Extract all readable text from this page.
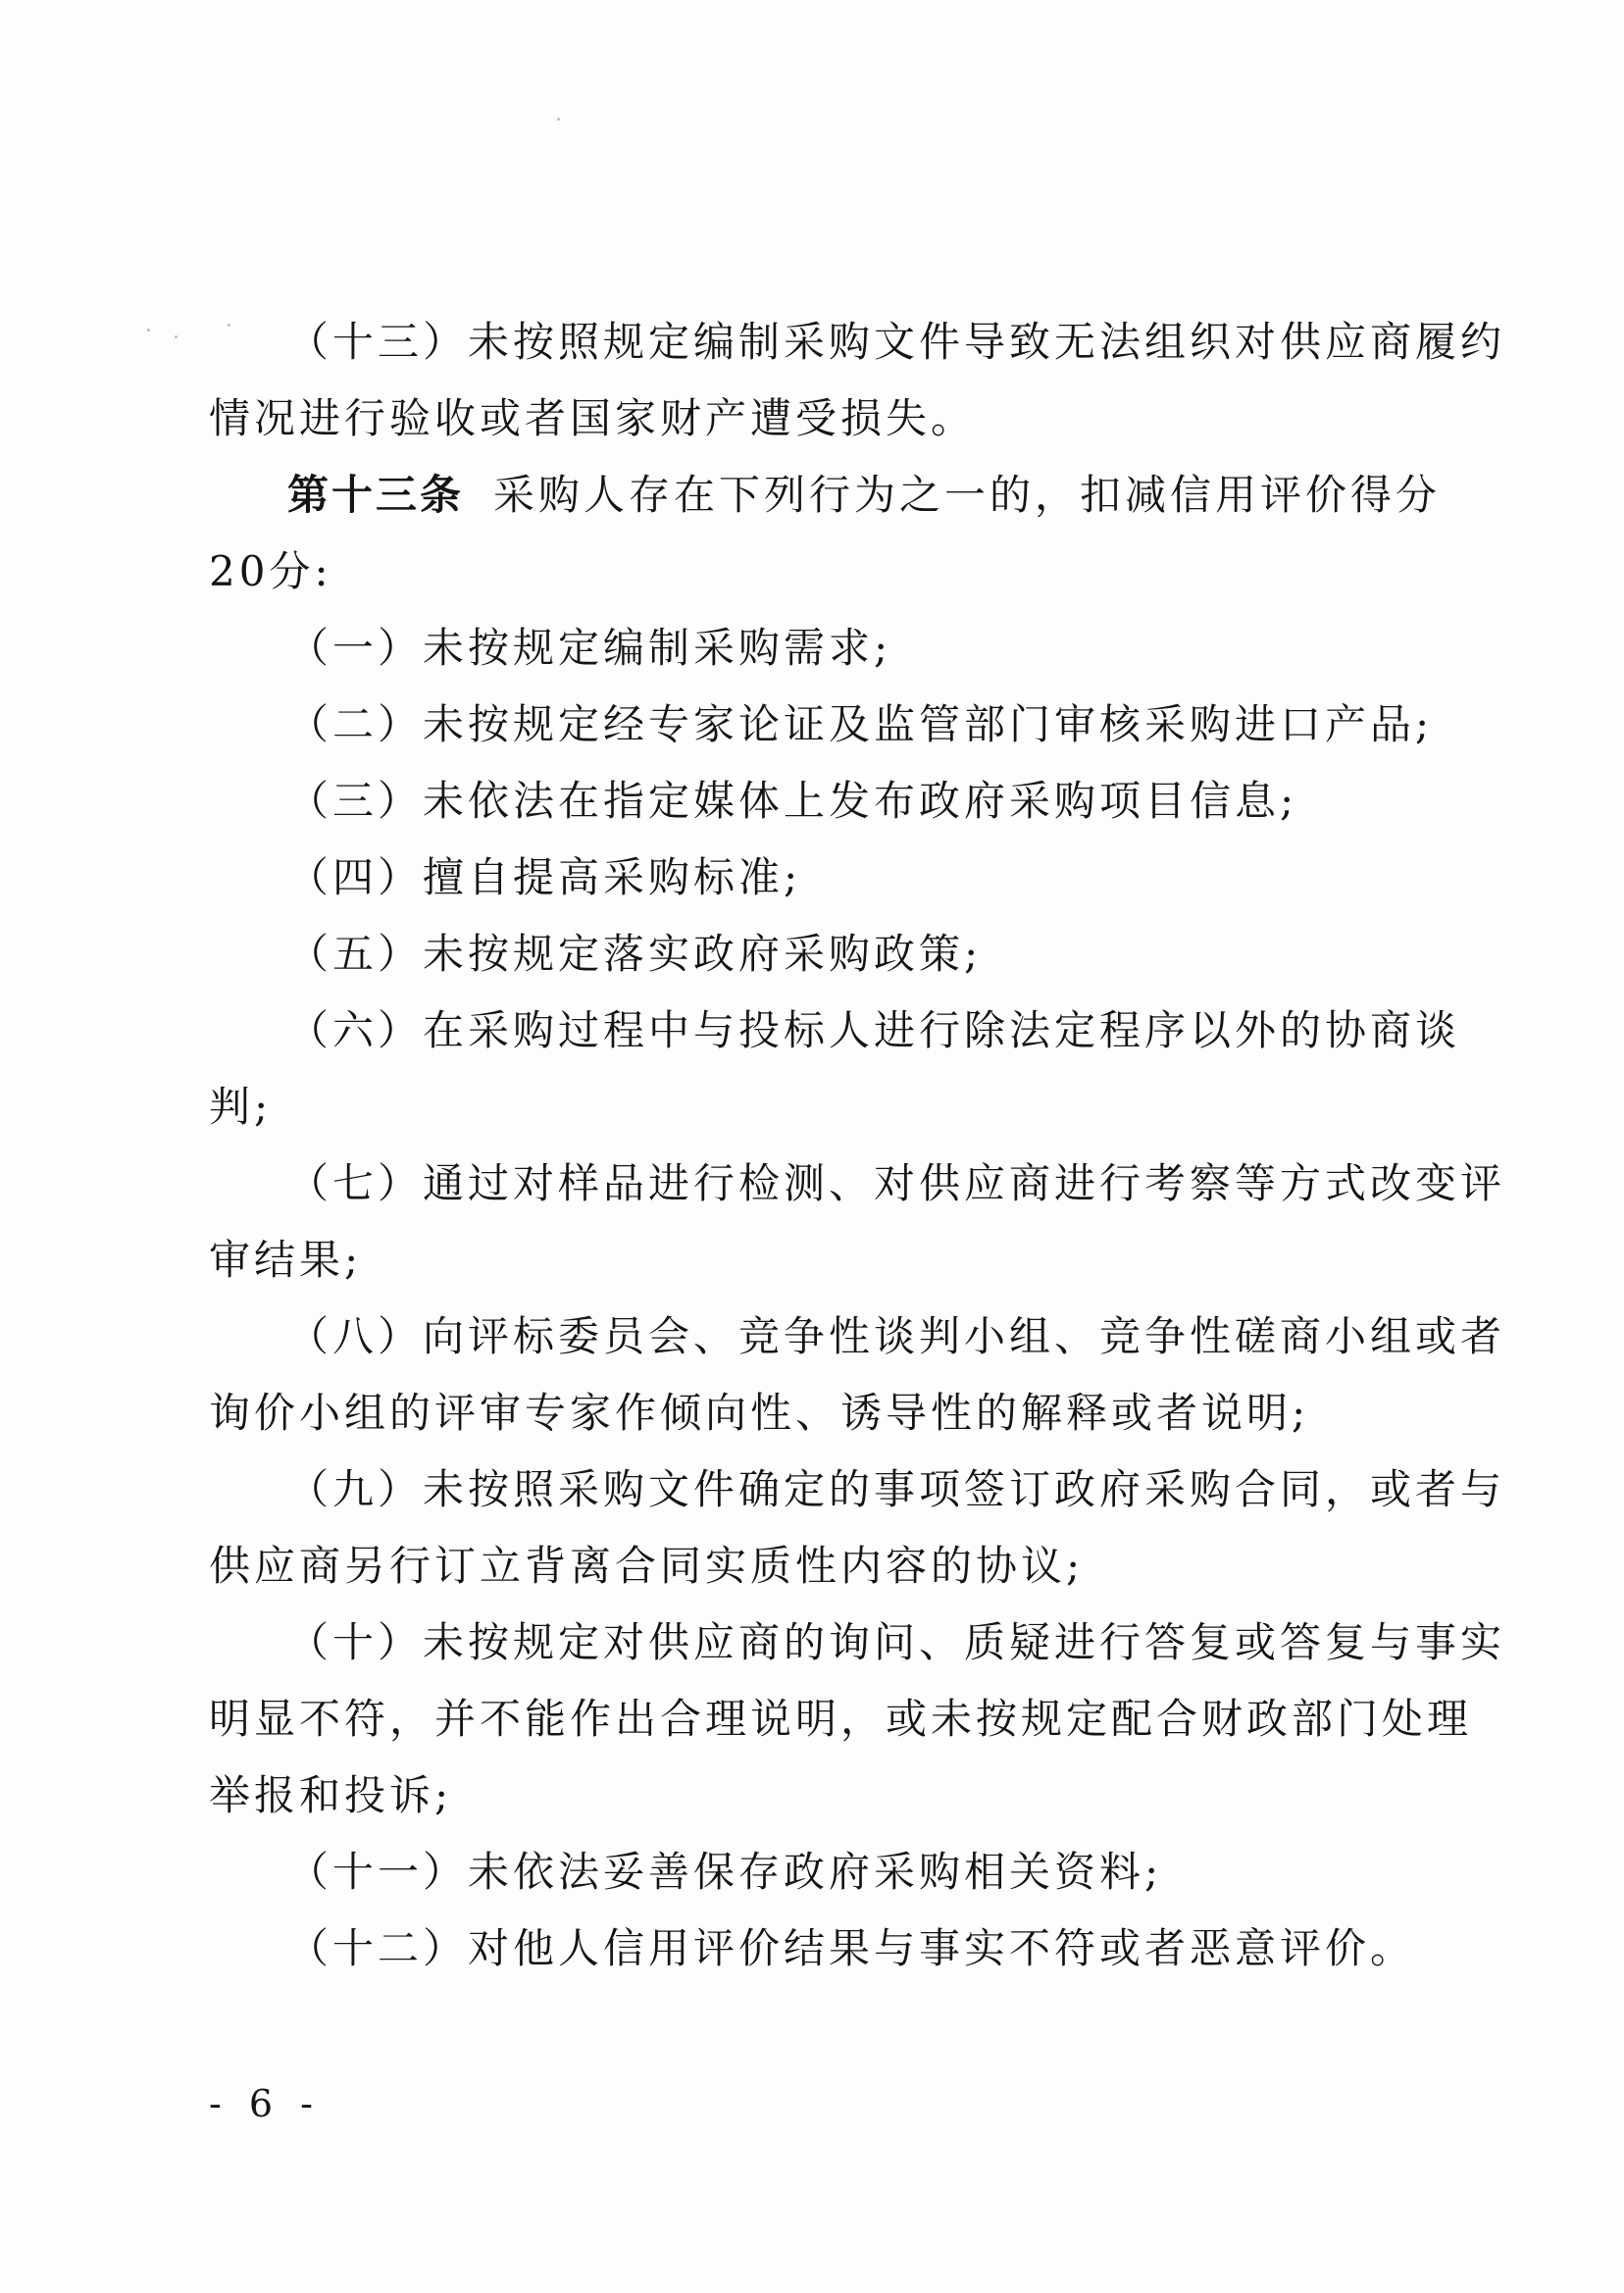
（十三）未按照规定编制采购文件导致无法组织对供应商履约

情况进行验收或者国家财产遭受损失。

第十三条 采购人存在下列行为之一的，扣减信用评价得分

20分:

（一）未按规定编制采购需求;

（二）未按规定经专家论证及监管部门审核采购进口产品;

（三）未依法在指定媒体上发布政府采购项目信息;

（四）擅自提高采购标准;

（五）未按规定落实政府采购政策;

（六）在采购过程中与投标人进行除法定程序以外的协商谈

判;

（七）通过对样品进行检测、对供应商进行考察等方式改变评

审结果;

（八）向评标委员会、竞争性谈判小组、竞争性磋商小组或者

询价小组的评审专家作倾向性、诱导性的解释或者说明;

（九）未按照采购文件确定的事项签订政府采购合同，或者与

供应商另行订立背离合同实质性内容的协议;

（十）未按规定对供应商的询问、质疑进行答复或答复与事实

明显不符，并不能作出合理说明，或未按规定配合财政部门处理

举报和投诉;

（十一）未依法妥善保存政府采购相关资料;

（十二）对他人信用评价结果与事实不符或者恶意评价。

- 6 -
